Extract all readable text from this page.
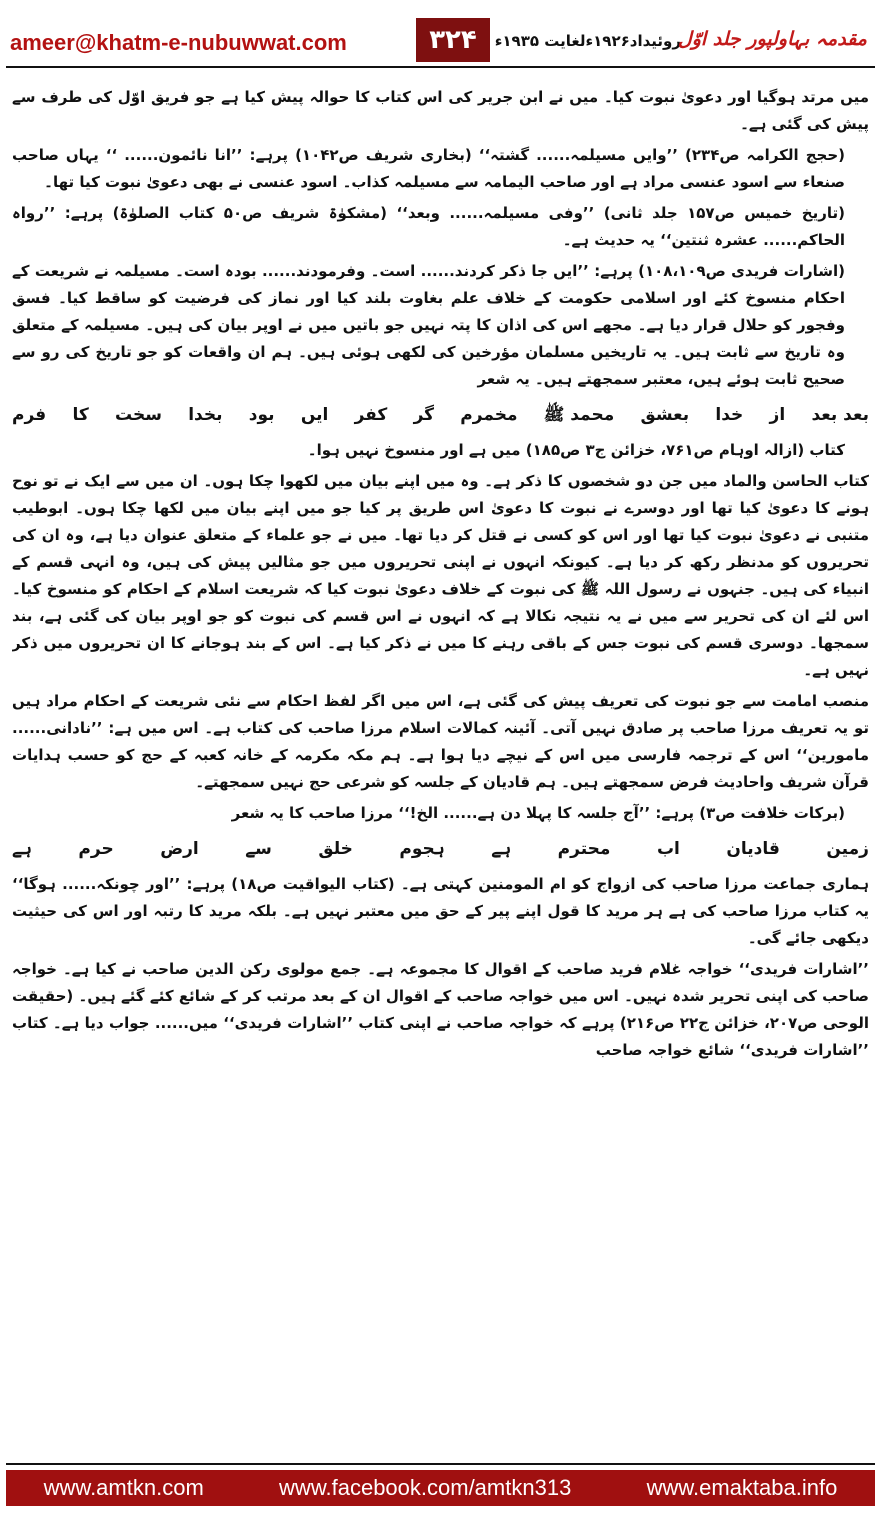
ameer@khatm-e-nubuwwat.com	۳۲۴	روئیداد۱۹۲۶ءلغایت ۱۹۳۵ء
مقدمہ بہاولپور جلد اوّل

میں مرتد ہوگیا اور دعویٰ نبوت کیا۔ میں نے ابن جریر کی اس کتاب کا حوالہ پیش کیا ہے جو فریق اوّل کی طرف سے پیش کی گئی ہے۔

(حجج الکرامہ ص۲۳۴) ’’وایں مسیلمہ...... گشتہ‘‘ (بخاری شریف ص۱۰۴۲) پرہے: ’’انا نائمون...... ‘‘ یہاں صاحب صنعاء سے اسود عنسی مراد ہے اور صاحب الیمامہ سے مسیلمہ کذاب۔ اسود عنسی نے بھی دعویٰ نبوت کیا تھا۔

(تاریخ خمیس ص۱۵۷ جلد ثانی) ’’وفی مسیلمہ...... وبعد‘‘ (مشکوٰۃ شریف ص۵۰ کتاب الصلوٰۃ) پرہے: ’’رواہ الحاکم...... عشرہ ثنتین‘‘ یہ حدیث ہے۔

(اشارات فریدی ص۱۰۸،۱۰۹) پرہے: ’’ایں جا ذکر کردند...... است۔ وفرمودند...... بودہ است۔ مسیلمہ نے شریعت کے احکام منسوخ کئے اور اسلامی حکومت کے خلاف علم بغاوت بلند کیا اور نماز کی فرضیت کو ساقط کیا۔ فسق وفجور کو حلال قرار دیا ہے۔ مجھے اس کی اذان کا پتہ نہیں جو باتیں میں نے اوپر بیان کی ہیں۔ مسیلمہ کے متعلق وہ تاریخ سے ثابت ہیں۔ یہ تاریخیں مسلمان مؤرخین کی لکھی ہوئی ہیں۔ ہم ان واقعات کو جو تاریخ کی رو سے صحیح ثابت ہوئے ہیں، معتبر سمجھتے ہیں۔ یہ شعر

بعد بعد
از
خدا
بعشق
محمد ﷺ
مخمرم
گر
کفر
ایں
بود
بخدا
سخت
کا
فرم

کتاب (ازالہ اوہام ص۷۶۱، خزائن ج۳ ص۱۸۵) میں ہے اور منسوخ نہیں ہوا۔

کتاب الحاسن والماد میں جن دو شخصوں کا ذکر ہے۔ وہ میں اپنے بیان میں لکھوا چکا ہوں۔ ان میں سے ایک نے تو نوح ہونے کا دعویٰ کیا تھا اور دوسرے نے نبوت کا دعویٰ اس طریق پر کیا جو میں اپنے بیان میں لکھا چکا ہوں۔ ابوطیب متنبی نے دعویٰ نبوت کیا تھا اور اس کو کسی نے قتل کر دیا تھا۔ میں نے جو علماء کے متعلق عنوان دیا ہے، وہ ان کی تحریروں کو مدنظر رکھ کر دیا ہے۔ کیونکہ انہوں نے اپنی تحریروں میں جو مثالیں پیش کی ہیں، وہ انہی قسم کے انبیاء کی ہیں۔ جنہوں نے رسول اللہ ﷺ کی نبوت کے خلاف دعویٰ نبوت کیا کہ شریعت اسلام کے احکام کو منسوخ کیا۔ اس لئے ان کی تحریر سے میں نے یہ نتیجہ نکالا ہے کہ انہوں نے اس قسم کی نبوت کو جو اوپر بیان کی گئی ہے، بند سمجھا۔ دوسری قسم کی نبوت جس کے باقی رہنے کا میں نے ذکر کیا ہے۔ اس کے بند ہوجانے کا ان تحریروں میں ذکر نہیں ہے۔

منصب امامت سے جو نبوت کی تعریف پیش کی گئی ہے، اس میں اگر لفظ احکام سے نئی شریعت کے احکام مراد ہیں تو یہ تعریف مرزا صاحب پر صادق نہیں آتی۔ آئینہ کمالات اسلام مرزا صاحب کی کتاب ہے۔ اس میں ہے: ’’نادانی...... مامورین‘‘ اس کے ترجمہ فارسی میں اس کے نیچے دیا ہوا ہے۔ ہم مکہ مکرمہ کے خانہ کعبہ کے حج کو حسب ہدایات قرآن شریف واحادیث فرض سمجھتے ہیں۔ ہم قادیان کے جلسہ کو شرعی حج نہیں سمجھتے۔

(برکات خلافت ص۳) پرہے: ’’آج جلسہ کا پہلا دن ہے...... الخ!‘‘ مرزا صاحب کا یہ شعر

زمین
قادیان
اب
محترم
ہے
ہجوم
خلق
سے
ارض
حرم
ہے

ہماری جماعت مرزا صاحب کی ازواج کو ام المومنین کہتی ہے۔ (کتاب الیواقیت ص۱۸) پرہے: ’’اور چونکہ...... ہوگا‘‘ یہ کتاب مرزا صاحب کی ہے ہر مرید کا قول اپنے پیر کے حق میں معتبر نہیں ہے۔ بلکہ مرید کا رتبہ اور اس کی حیثیت دیکھی جائے گی۔

’’اشارات فریدی‘‘ خواجہ غلام فرید صاحب کے اقوال کا مجموعہ ہے۔ جمع مولوی رکن الدین صاحب نے کیا ہے۔ خواجہ صاحب کی اپنی تحریر شدہ نہیں۔ اس میں خواجہ صاحب کے اقوال ان کے بعد مرتب کر کے شائع کئے گئے ہیں۔ (حقیقت الوحی ص۲۰۷، خزائن ج۲۲ ص۲۱۶) پرہے کہ خواجہ صاحب نے اپنی کتاب ’’اشارات فریدی‘‘ میں...... جواب دیا ہے۔ کتاب ’’اشارات فریدی‘‘ شائع خواجہ صاحب

www.amtkn.com	www.facebook.com/amtkn313	www.emaktaba.info
